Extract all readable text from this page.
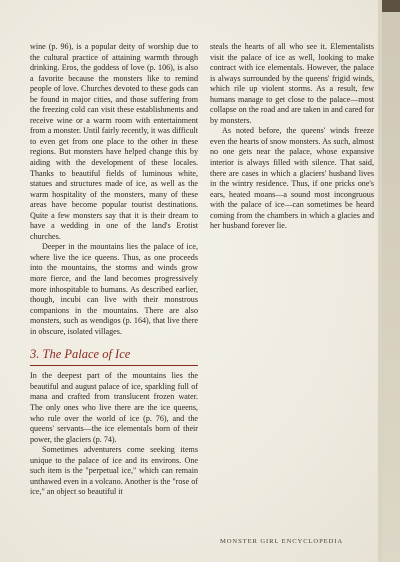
wine (p. 96), is a popular deity of worship due to the cultural practice of attaining warmth through drinking. Eros, the goddess of love (p. 106), is also a favorite because the monsters like to remind people of love. Churches devoted to these gods can be found in major cities, and those suffering from the freezing cold can visit these establishments and receive wine or a warm room with entertainment from a monster. Until fairly recently, it was difficult to even get from one place to the other in these regions. But monsters have helped change this by aiding with the development of these locales. Thanks to beautiful fields of luminous white, statues and structures made of ice, as well as the warm hospitality of the monsters, many of these areas have become popular tourist destinations. Quite a few monsters say that it is their dream to have a wedding in one of the land's Erotist churches.

Deeper in the mountains lies the palace of ice, where live the ice queens. Thus, as one proceeds into the mountains, the storms and winds grow more fierce, and the land becomes progressively more inhospitable to humans. As described earlier, though, incubi can live with their monstrous companions in the mountains. There are also monsters, such as wendigos (p. 164), that live there in obscure, isolated villages.

3. The Palace of Ice

In the deepest part of the mountains lies the beautiful and august palace of ice, sparkling full of mana and crafted from translucent frozen water. The only ones who live there are the ice queens, who rule over the world of ice (p. 76), and the queens' servants—the ice elementals born of their power, the glaciers (p. 74).

Sometimes adventurers come seeking items unique to the palace of ice and its environs. One such item is the "perpetual ice," which can remain unthawed even in a volcano. Another is the "rose of ice," an object so beautiful it

steals the hearts of all who see it. Elementalists visit the palace of ice as well, looking to make contract with ice elementals. However, the palace is always surrounded by the queens' frigid winds, which rile up violent storms. As a result, few humans manage to get close to the palace—most collapse on the road and are taken in and cared for by monsters.

As noted before, the queens' winds freeze even the hearts of snow monsters. As such, almost no one gets near the palace, whose expansive interior is always filled with silence. That said, there are cases in which a glaciers' husband lives in the wintry residence. Thus, if one pricks one's ears, heated moans—a sound most incongruous with the palace of ice—can sometimes be heard coming from the chambers in which a glacies and her husband forever lie.

MONSTER GIRL ENCYCLOPEDIA
